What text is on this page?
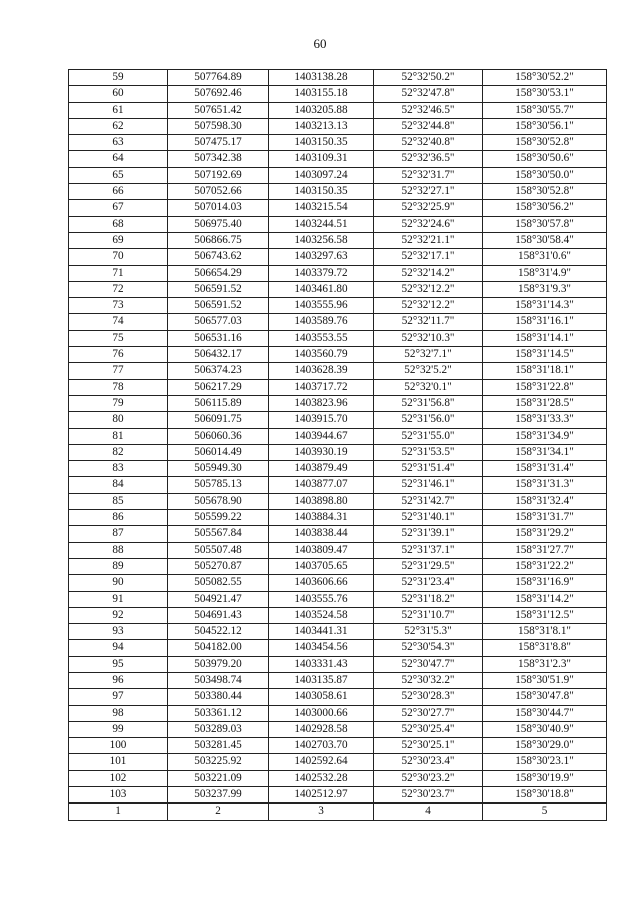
60
59	507764.89	1403138.28	52°32'50.2"	158°30'52.2"
60	507692.46	1403155.18	52°32'47.8"	158°30'53.1"
61	507651.42	1403205.88	52°32'46.5"	158°30'55.7"
62	507598.30	1403213.13	52°32'44.8"	158°30'56.1"
63	507475.17	1403150.35	52°32'40.8"	158°30'52.8"
64	507342.38	1403109.31	52°32'36.5"	158°30'50.6"
65	507192.69	1403097.24	52°32'31.7"	158°30'50.0"
66	507052.66	1403150.35	52°32'27.1"	158°30'52.8"
67	507014.03	1403215.54	52°32'25.9"	158°30'56.2"
68	506975.40	1403244.51	52°32'24.6"	158°30'57.8"
69	506866.75	1403256.58	52°32'21.1"	158°30'58.4"
70	506743.62	1403297.63	52°32'17.1"	158°31'0.6"
71	506654.29	1403379.72	52°32'14.2"	158°31'4.9"
72	506591.52	1403461.80	52°32'12.2"	158°31'9.3"
73	506591.52	1403555.96	52°32'12.2"	158°31'14.3"
74	506577.03	1403589.76	52°32'11.7"	158°31'16.1"
75	506531.16	1403553.55	52°32'10.3"	158°31'14.1"
76	506432.17	1403560.79	52°32'7.1"	158°31'14.5"
77	506374.23	1403628.39	52°32'5.2"	158°31'18.1"
78	506217.29	1403717.72	52°32'0.1"	158°31'22.8"
79	506115.89	1403823.96	52°31'56.8"	158°31'28.5"
80	506091.75	1403915.70	52°31'56.0"	158°31'33.3"
81	506060.36	1403944.67	52°31'55.0"	158°31'34.9"
82	506014.49	1403930.19	52°31'53.5"	158°31'34.1"
83	505949.30	1403879.49	52°31'51.4"	158°31'31.4"
84	505785.13	1403877.07	52°31'46.1"	158°31'31.3"
85	505678.90	1403898.80	52°31'42.7"	158°31'32.4"
86	505599.22	1403884.31	52°31'40.1"	158°31'31.7"
87	505567.84	1403838.44	52°31'39.1"	158°31'29.2"
88	505507.48	1403809.47	52°31'37.1"	158°31'27.7"
89	505270.87	1403705.65	52°31'29.5"	158°31'22.2"
90	505082.55	1403606.66	52°31'23.4"	158°31'16.9"
91	504921.47	1403555.76	52°31'18.2"	158°31'14.2"
92	504691.43	1403524.58	52°31'10.7"	158°31'12.5"
93	504522.12	1403441.31	52°31'5.3"	158°31'8.1"
94	504182.00	1403454.56	52°30'54.3"	158°31'8.8"
95	503979.20	1403331.43	52°30'47.7"	158°31'2.3"
96	503498.74	1403135.87	52°30'32.2"	158°30'51.9"
97	503380.44	1403058.61	52°30'28.3"	158°30'47.8"
98	503361.12	1403000.66	52°30'27.7"	158°30'44.7"
99	503289.03	1402928.58	52°30'25.4"	158°30'40.9"
100	503281.45	1402703.70	52°30'25.1"	158°30'29.0"
101	503225.92	1402592.64	52°30'23.4"	158°30'23.1"
102	503221.09	1402532.28	52°30'23.2"	158°30'19.9"
103	503237.99	1402512.97	52°30'23.7"	158°30'18.8"
1	2	3	4	5
